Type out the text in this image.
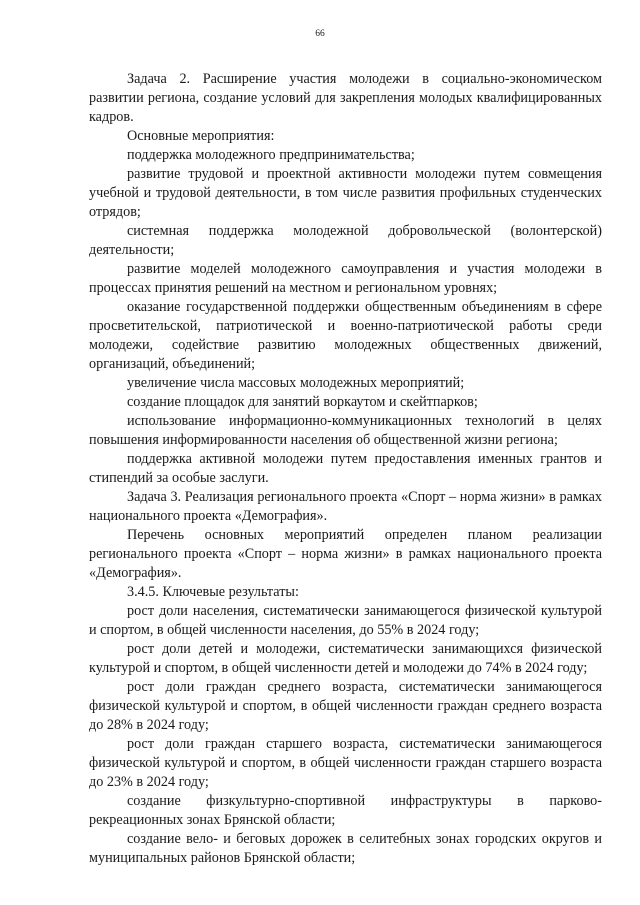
66

Задача 2. Расширение участия молодежи в социально-экономическом развитии региона, создание условий для закрепления молодых квалифицированных кадров.

Основные мероприятия:

поддержка молодежного предпринимательства;

развитие трудовой и проектной активности молодежи путем совмещения учебной и трудовой деятельности, в том числе развития профильных студенческих отрядов;

системная поддержка молодежной добровольческой (волонтерской) деятельности;

развитие моделей молодежного самоуправления и участия молодежи в процессах принятия решений на местном и региональном уровнях;

оказание государственной поддержки общественным объединениям в сфере просветительской, патриотической и военно-патриотической работы среди молодежи, содействие развитию молодежных общественных движений, организаций, объединений;

увеличение числа массовых молодежных мероприятий;

создание площадок для занятий воркаутом и скейтпарков;

использование информационно-коммуникационных технологий в целях повышения информированности населения об общественной жизни региона;

поддержка активной молодежи путем предоставления именных грантов и стипендий за особые заслуги.

Задача 3. Реализация регионального проекта «Спорт – норма жизни» в рамках национального проекта «Демография».

Перечень основных мероприятий определен планом реализации регионального проекта «Спорт – норма жизни» в рамках национального проекта «Демография».

3.4.5. Ключевые результаты:

рост доли населения, систематически занимающегося физической культурой и спортом, в общей численности населения, до 55% в 2024 году;

рост доли детей и молодежи, систематически занимающихся физической культурой и спортом, в общей численности детей и молодежи до 74% в 2024 году;

рост доли граждан среднего возраста, систематически занимающегося физической культурой и спортом, в общей численности граждан среднего возраста до 28% в 2024 году;

рост доли граждан старшего возраста, систематически занимающегося физической культурой и спортом, в общей численности граждан старшего возраста до 23% в 2024 году;

создание физкультурно-спортивной инфраструктуры в парково-рекреационных зонах Брянской области;

создание вело- и беговых дорожек в селитебных зонах городских округов и муниципальных районов Брянской области;
